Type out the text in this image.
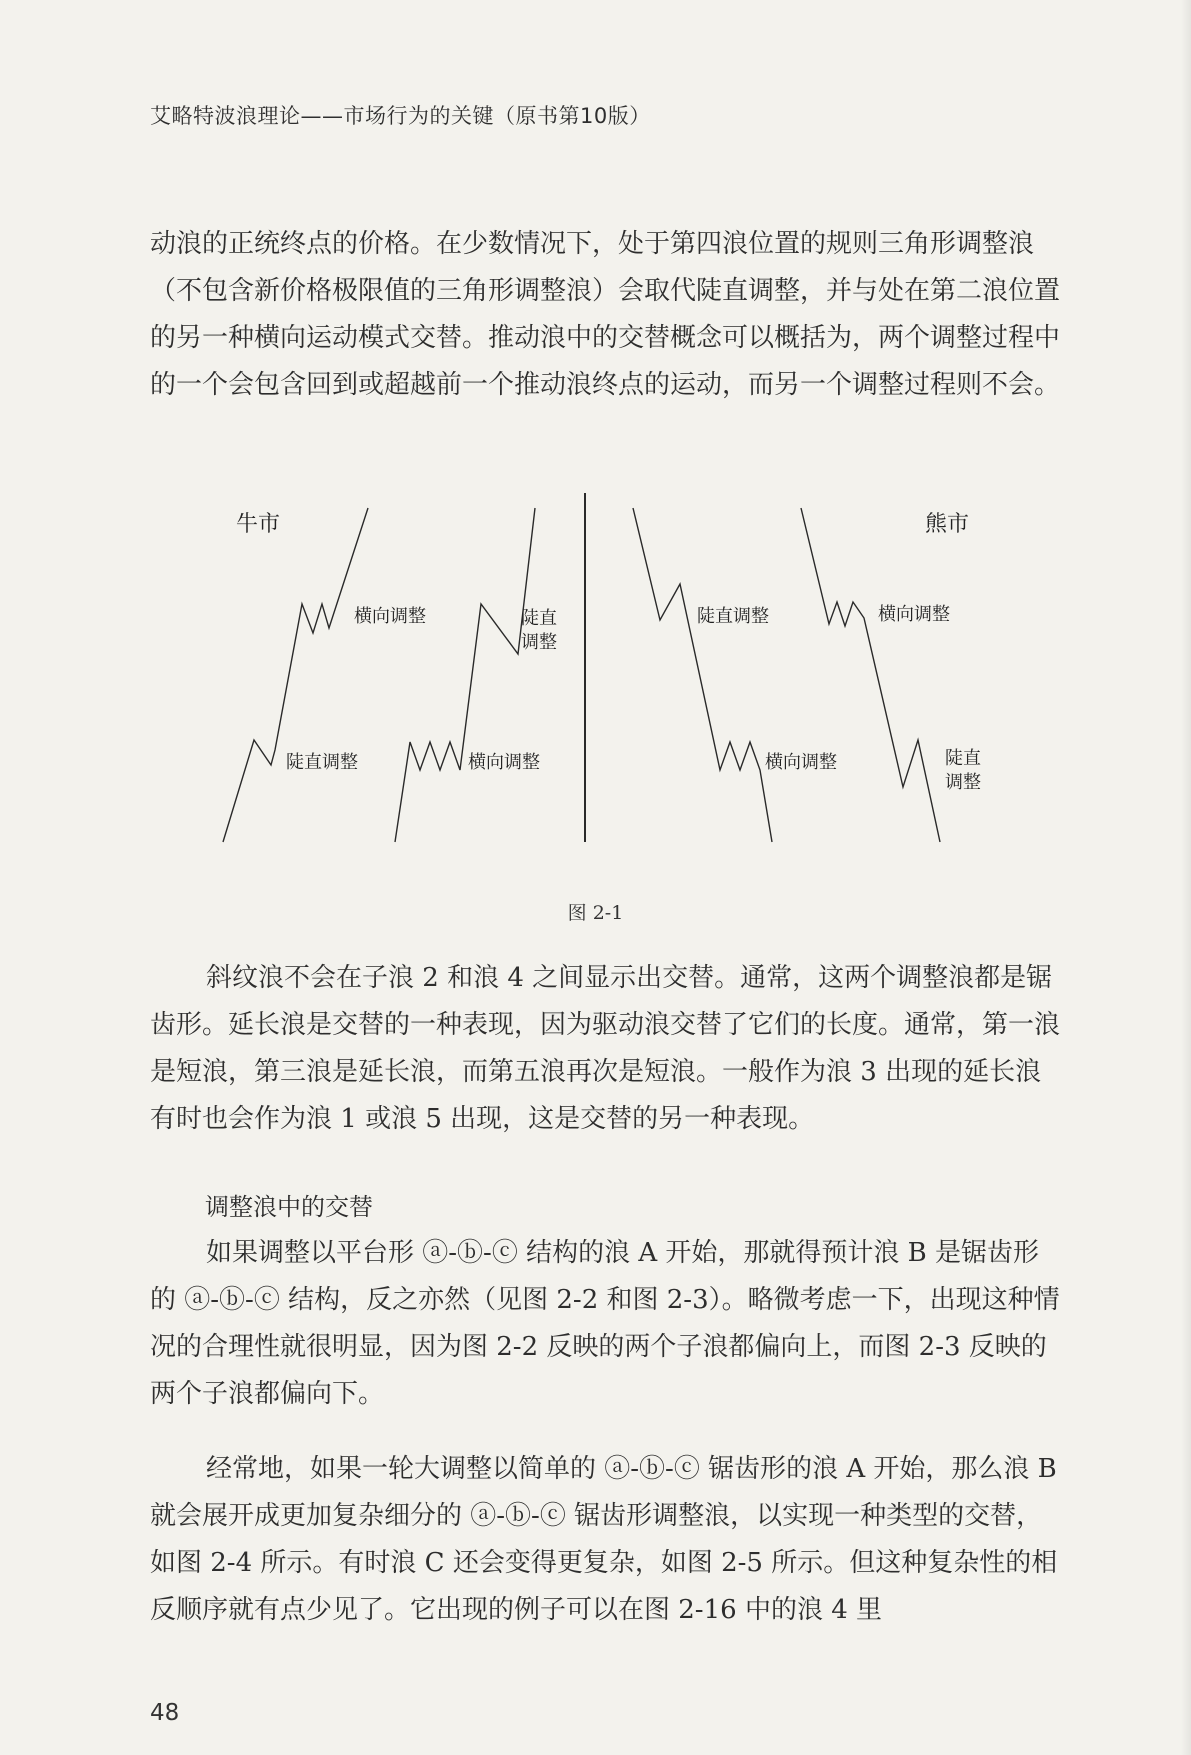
艾略特波浪理论——市场行为的关键（原书第10版）

动浪的正统终点的价格。在少数情况下，处于第四浪位置的规则三角形调整浪（不包含新价格极限值的三角形调整浪）会取代陡直调整，并与处在第二浪位置的另一种横向运动模式交替。推动浪中的交替概念可以概括为，两个调整过程中的一个会包含回到或超越前一个推动浪终点的运动，而另一个调整过程则不会。

牛市	熊市
横向调整
陡直调整
陡直
调整
横向调整
陡直调整
横向调整
横向调整
陡直
调整
图 2-1

斜纹浪不会在子浪 2 和浪 4 之间显示出交替。通常，这两个调整浪都是锯齿形。延长浪是交替的一种表现，因为驱动浪交替了它们的长度。通常，第一浪是短浪，第三浪是延长浪，而第五浪再次是短浪。一般作为浪 3 出现的延长浪有时也会作为浪 1 或浪 5 出现，这是交替的另一种表现。

调整浪中的交替

如果调整以平台形 ⓐ-ⓑ-ⓒ 结构的浪 A 开始，那就得预计浪 B 是锯齿形的 ⓐ-ⓑ-ⓒ 结构，反之亦然（见图 2-2 和图 2-3）。略微考虑一下，出现这种情况的合理性就很明显，因为图 2-2 反映的两个子浪都偏向上，而图 2-3 反映的两个子浪都偏向下。

经常地，如果一轮大调整以简单的 ⓐ-ⓑ-ⓒ 锯齿形的浪 A 开始，那么浪 B 就会展开成更加复杂细分的 ⓐ-ⓑ-ⓒ 锯齿形调整浪，以实现一种类型的交替，如图 2-4 所示。有时浪 C 还会变得更复杂，如图 2-5 所示。但这种复杂性的相反顺序就有点少见了。它出现的例子可以在图 2-16 中的浪 4 里

48
